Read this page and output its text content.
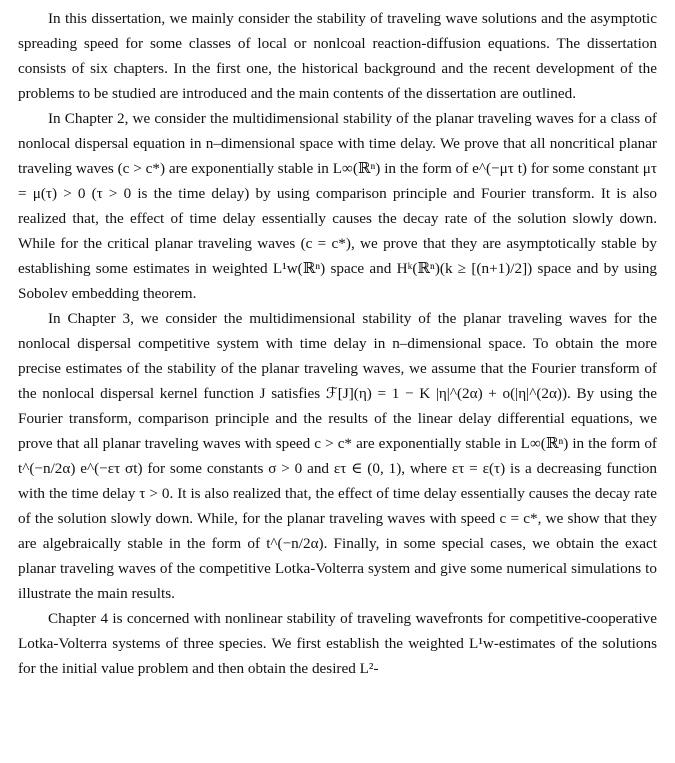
In this dissertation, we mainly consider the stability of traveling wave solutions and the asymptotic spreading speed for some classes of local or nonlcoal reaction-diffusion equations. The dissertation consists of six chapters. In the first one, the historical background and the recent development of the problems to be studied are introduced and the main contents of the dissertation are outlined.

In Chapter 2, we consider the multidimensional stability of the planar traveling waves for a class of nonlocal dispersal equation in n–dimensional space with time delay. We prove that all noncritical planar traveling waves (c > c*) are exponentially stable in L∞(ℝⁿ) in the form of e^(−μτ t) for some constant μτ = μ(τ) > 0 (τ > 0 is the time delay) by using comparison principle and Fourier transform. It is also realized that, the effect of time delay essentially causes the decay rate of the solution slowly down. While for the critical planar traveling waves (c = c*), we prove that they are asymptotically stable by establishing some estimates in weighted L¹w(ℝⁿ) space and Hᵏ(ℝⁿ)(k ≥ [(n+1)/2]) space and by using Sobolev embedding theorem.

In Chapter 3, we consider the multidimensional stability of the planar traveling waves for the nonlocal dispersal competitive system with time delay in n–dimensional space. To obtain the more precise estimates of the stability of the planar traveling waves, we assume that the Fourier transform of the nonlocal dispersal kernel function J satisfies ℱ[J](η) = 1 − K |η|^(2α) + o(|η|^(2α)). By using the Fourier transform, comparison principle and the results of the linear delay differential equations, we prove that all planar traveling waves with speed c > c* are exponentially stable in L∞(ℝⁿ) in the form of t^(−n/2α) e^(−ετ σt) for some constants σ > 0 and ετ ∈ (0, 1), where ετ = ε(τ) is a decreasing function with the time delay τ > 0. It is also realized that, the effect of time delay essentially causes the decay rate of the solution slowly down. While, for the planar traveling waves with speed c = c*, we show that they are algebraically stable in the form of t^(−n/2α). Finally, in some special cases, we obtain the exact planar traveling waves of the competitive Lotka-Volterra system and give some numerical simulations to illustrate the main results.

Chapter 4 is concerned with nonlinear stability of traveling wavefronts for competitive-cooperative Lotka-Volterra systems of three species. We first establish the weighted L¹w-estimates of the solutions for the initial value problem and then obtain the desired L²-
